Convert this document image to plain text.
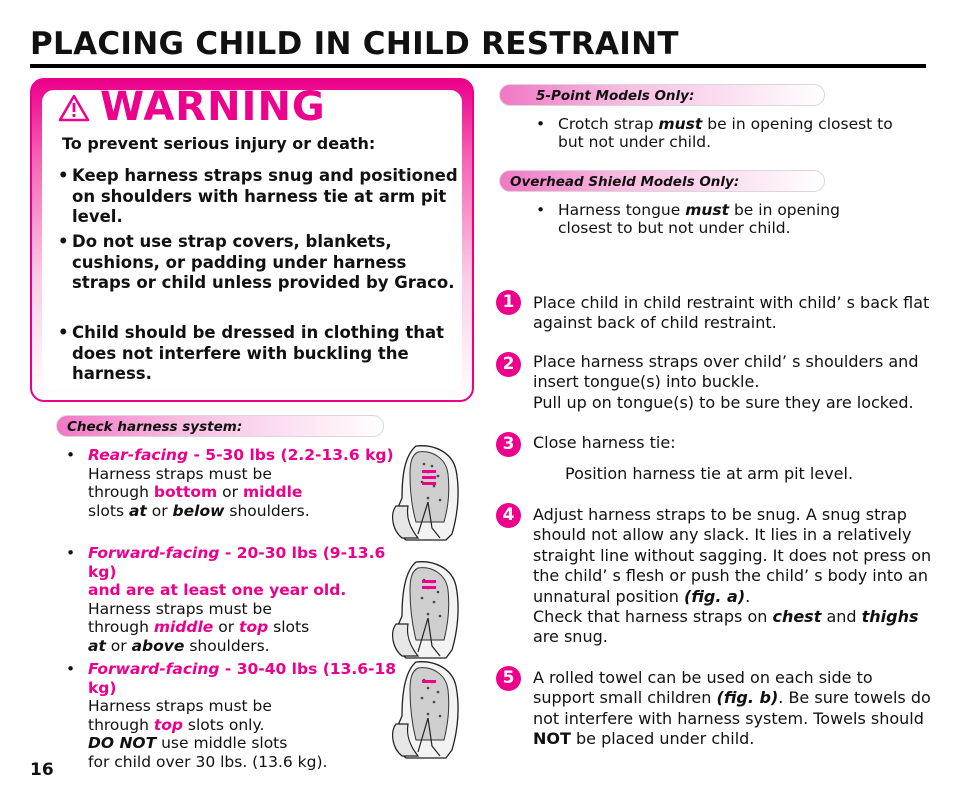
PLACING CHILD IN CHILD RESTRAINT
WARNING
To prevent serious injury or death:
• Keep harness straps snug and positioned on shoulders with harness tie at arm pit level.
• Do not use strap covers, blankets, cushions, or padding under harness straps or child unless provided by Graco.
• Child should be dressed in clothing that does not interfere with buckling the harness.
Check harness system:
• Rear-facing - 5-30 lbs (2.2-13.6 kg)
Harness straps must be
through bottom or middle
slots at or below shoulders.
• Forward-facing - 20-30 lbs (9-13.6 kg)
and are at least one year old.
Harness straps must be
through middle or top slots
at or above shoulders.
• Forward-facing - 30-40 lbs (13.6-18 kg)
Harness straps must be
through top slots only.
DO NOT use middle slots
for child over 30 lbs. (13.6 kg).
5-Point Models Only:
• Crotch strap must be in opening closest to but not under child.
Overhead Shield Models Only:
• Harness tongue must be in opening closest to but not under child.
1	Place child in child restraint with child’ s back flat against back of child restraint.
2	Place harness straps over child’ s shoulders and insert tongue(s) into buckle.

Pull up on tongue(s) to be sure they are locked.

3	Close harness tie:

Position harness tie at arm pit level.

4	Adjust harness straps to be snug. A snug strap should not allow any slack. It lies in a relatively straight line without sagging. It does not press on the child’ s flesh or push the child’ s body into an unnatural position (fig. a).

Check that harness straps on chest and thighs
are snug.

5	A rolled towel can be used on each side to support small children (fig. b). Be sure towels do not interfere with harness system. Towels should NOT be placed under child.

16
